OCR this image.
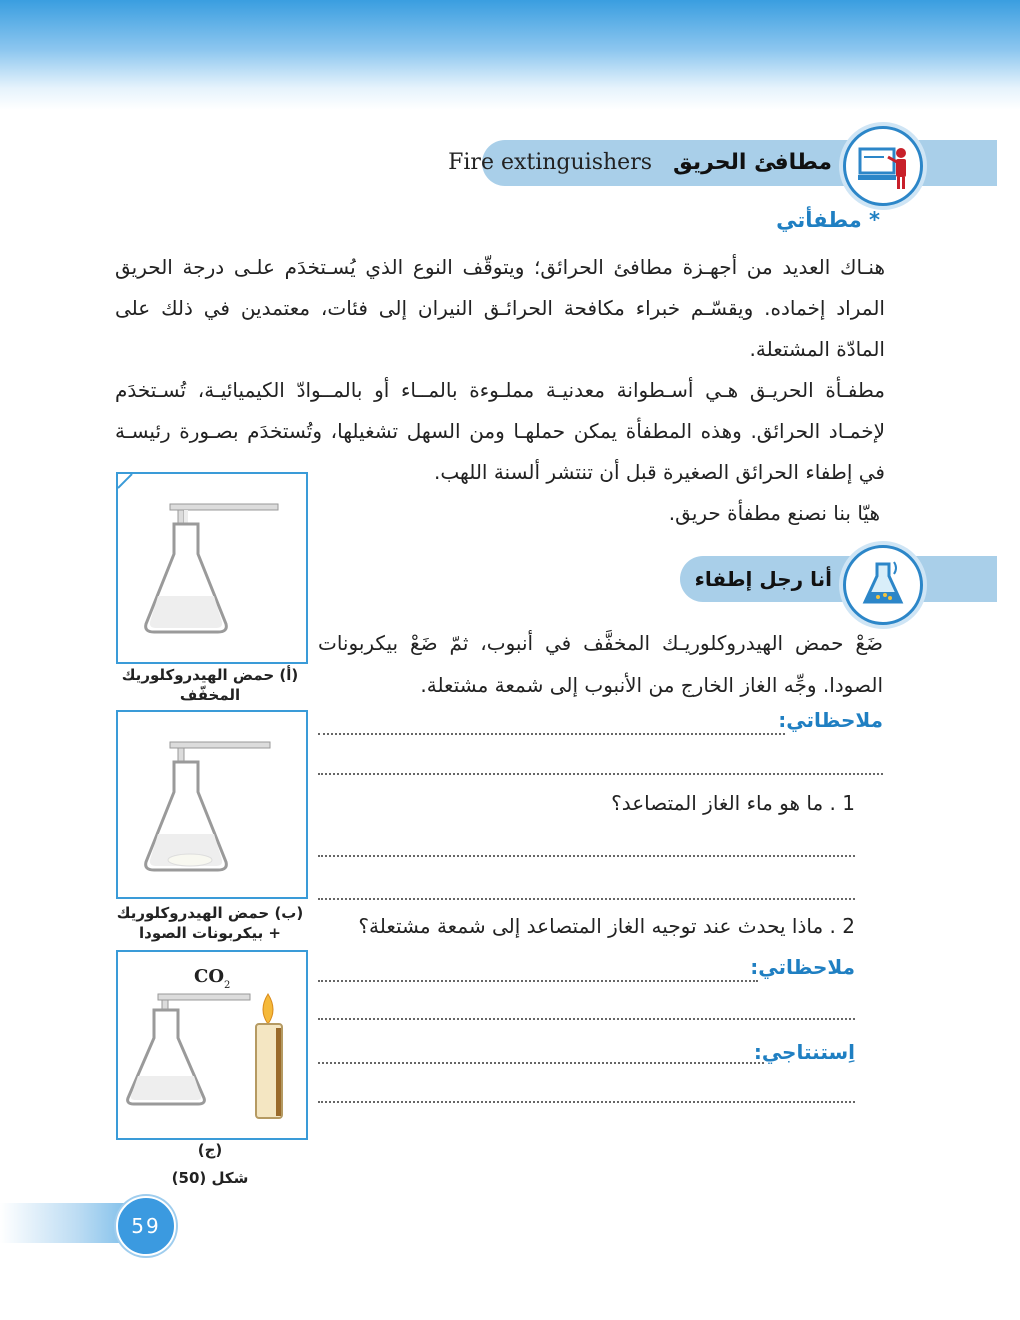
Fire extinguishers مطافئ الحريق
* مطفأتي
هنـاك العديد من أجهـزة مطافئ الحرائق؛ ويتوقّف النوع الذي يُسـتخدَم علـى درجة الحريق المراد إخماده. ويقسّـم خبراء مكافحة الحرائـق النيران إلى فئات، معتمدين في ذلك على المادّة المشتعلة.
مطفـأة الحريـق هـي أسـطوانة معدنيـة مملـوءة بالمــاء أو بالمــوادّ الكيميائيـة، تُسـتخدَم لإخمـاد الحرائق. وهذه المطفأة يمكن حملهـا ومن السهل تشغيلها، وتُستخدَم بصـورة رئيسـة في إطفاء الحرائق الصغيرة قبل أن تنتشر ألسنة اللهب.
هيّا بنا نصنع مطفأة حريق.
أنا رجل إطفاء
ضَعْ حمض الهيدروكلوريـك المخفَّف في أنبوب، ثمّ ضَعْ بيكربونات الصودا. وجِّه الغاز الخارج من الأنبوب إلى شمعة مشتعلة.
ملاحظاتي:
1 . ما هو ماء الغاز المتصاعد؟
2 . ماذا يحدث عند توجيه الغاز المتصاعد إلى شمعة مشتعلة؟
ملاحظاتي:
اِستنتاجي:
(أ) حمض الهيدروكلوريك المخفّف
(ب) حمض الهيدروكلوريك + بيكربونات الصودا
CO 2
(ج)
شكل (50)
59
